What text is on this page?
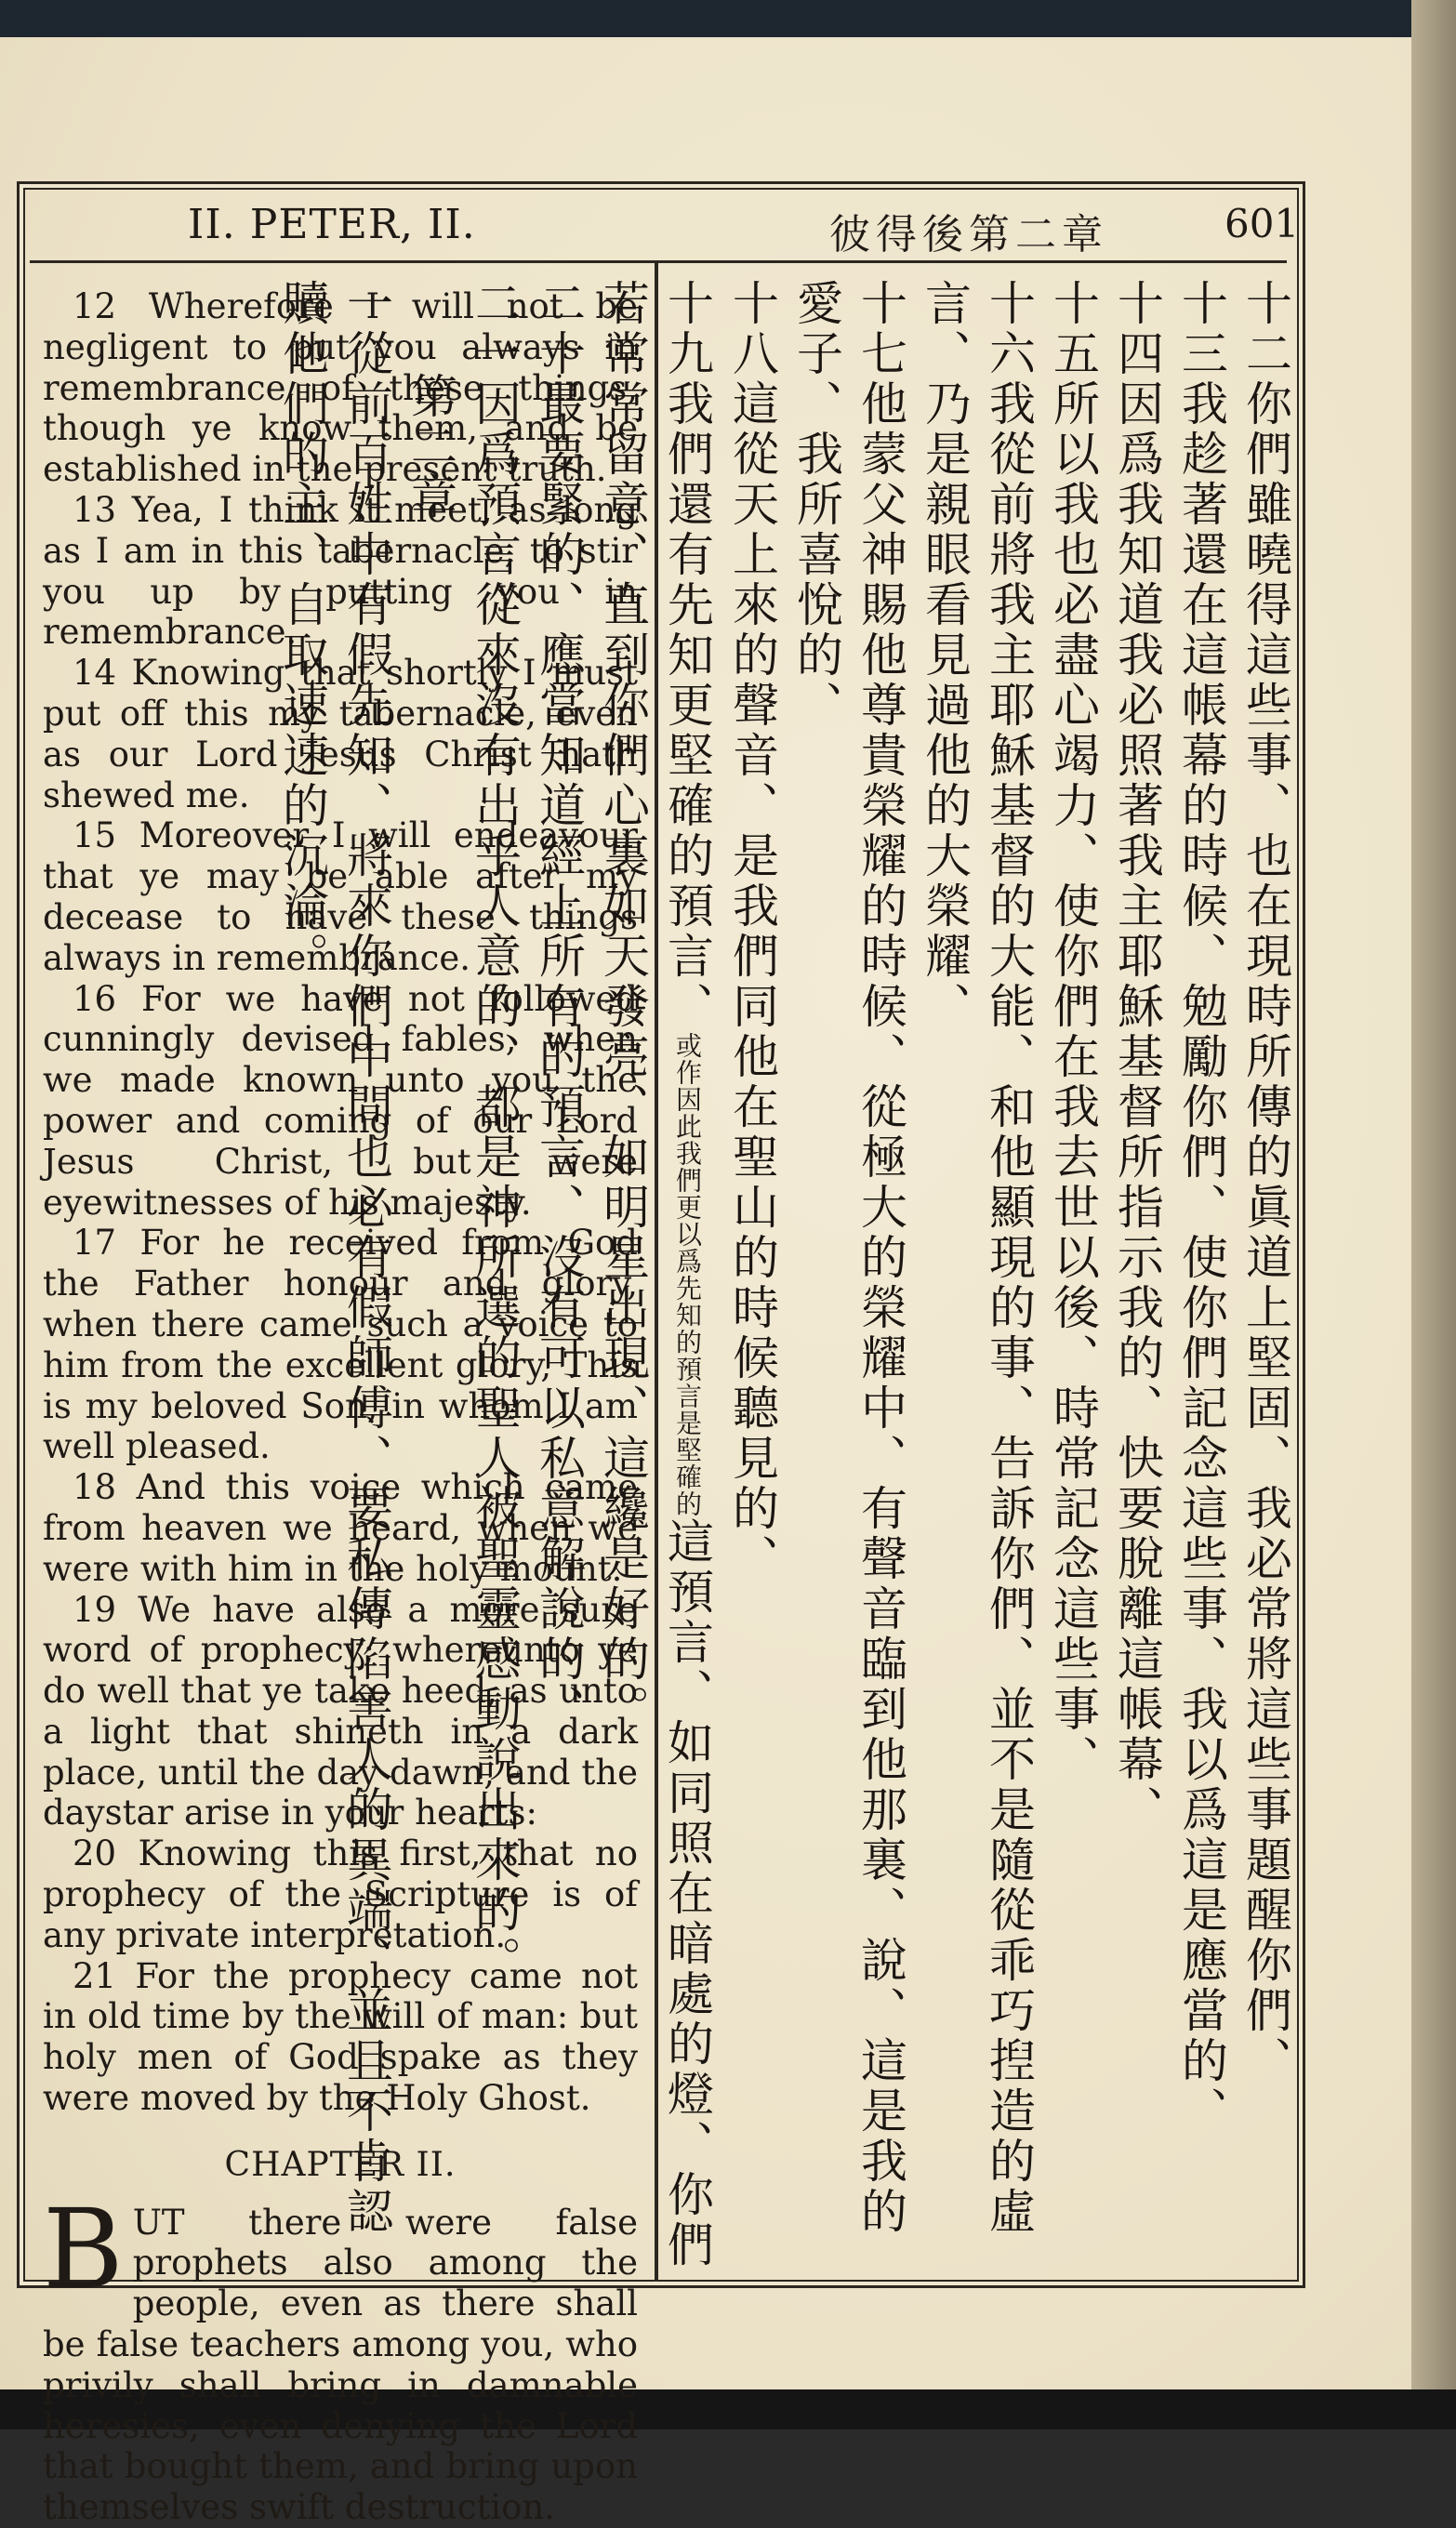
II. PETER, II.	彼得後第二章	601

12 Wherefore I will not be negligent to put you always in remembrance of these things, though ye know them, and be established in the present truth.

13 Yea, I think it meet, as long as I am in this tabernacle, to stir you up by putting you in remembrance.

14 Knowing that shortly I must put off this my tabernacle, even as our Lord Jesus Christ hath shewed me.

15 Moreover I will endeavour that ye may be able after my decease to have these things always in remembrance.

16 For we have not followed cunningly devised fables, when we made known unto you the power and coming of our Lord Jesus Christ, but were eyewitnesses of his majesty.

17 For he received from God the Father honour and glory, when there came such a voice to him from the excellent glory, This is my beloved Son, in whom I am well pleased.

18 And this voice which came from heaven we heard, when we were with him in the holy mount.

19 We have also a more sure word of prophecy; whereunto ye do well that ye take heed, as unto a light that shineth in a dark place, until the day dawn, and the daystar arise in your hearts:

20 Knowing this first, that no prophecy of the Scripture is of any private interpretation.

21 For the prophecy came not in old time by the will of man: but holy men of God spake as they were moved by the Holy Ghost.

CHAPTER II.

BUT there were false prophets also among the people, even as there shall be false teachers among you, who privily shall bring in damnable heresies, even denying the Lord that bought them, and bring upon themselves swift destruction.

十二你們雖曉得這些事、也在現時所傳的眞道上堅固、我必常將這些事題醒你們、

十三我趁著還在這帳幕的時候、勉勵你們、使你們記念這些事、我以爲這是應當的、

十四因爲我知道我必照著我主耶穌基督所指示我的、快要脫離這帳幕、

十五所以我也必盡心竭力、使你們在我去世以後、時常記念這些事、

十六我從前將我主耶穌基督的大能、和他顯現的事、告訴你們、並不是隨從乖巧揑造的虛言、乃是親眼看見過他的大榮耀、

十七他蒙父神賜他尊貴榮耀的時候、從極大的榮耀中、有聲音臨到他那裏、說、這是我的愛子、我所喜悅的、

十八這從天上來的聲音、是我們同他在聖山的時候聽見的、

十九我們還有先知更堅確的預言、或作因此我們更以爲先知的預言是堅確的這預言、如同照在暗處的燈、你們若常常留意、直到你們心裏如天發亮、如明星出現、這纔是好的。

二十最要緊的、應當知道經上所有的預言、沒有可以私意解說的、

二一因爲預言從來沒有出乎人意的、都是神所選的聖人被聖靈感動說出來的。

第二章

一從前百姓中有假先知、將來你們中間也必有假師傅、要私傳陷害人的異端、並且不肯認贖他們的主、自取速速的沉淪。
